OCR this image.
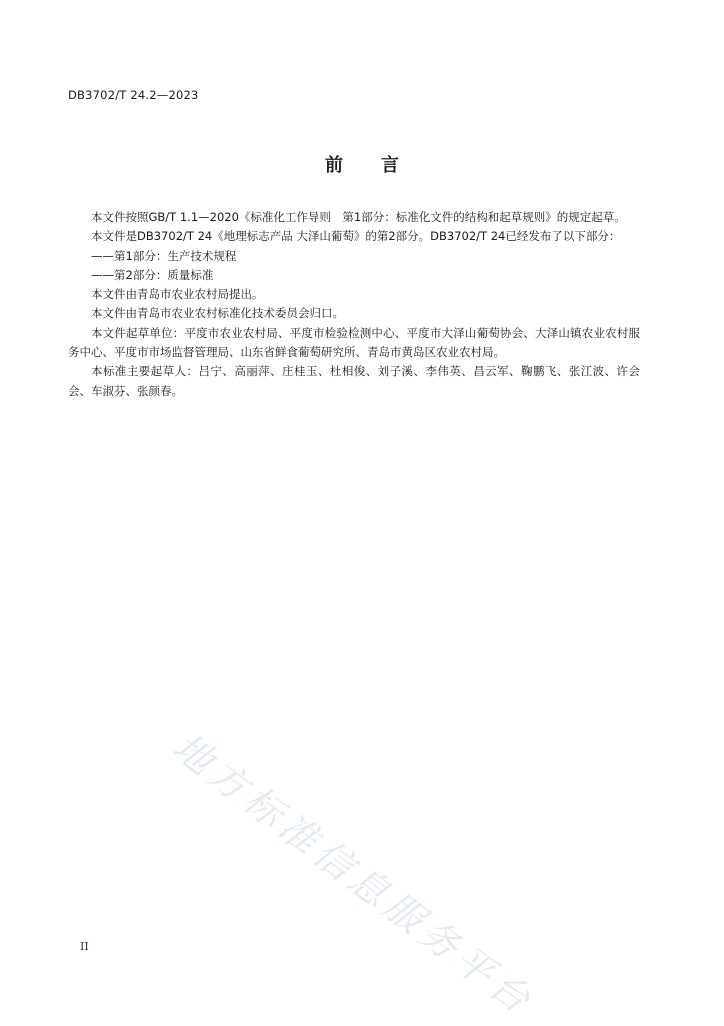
DB3702/T 24.2—2023
前 言

本文件按照GB/T 1.1—2020《标准化工作导则　第1部分：标准化文件的结构和起草规则》的规定起草。

本文件是DB3702/T 24《地理标志产品 大泽山葡萄》的第2部分。DB3702/T 24已经发布了以下部分：

——第1部分：生产技术规程

——第2部分：质量标准

本文件由青岛市农业农村局提出。

本文件由青岛市农业农村标准化技术委员会归口。

本文件起草单位：平度市农业农村局、平度市检验检测中心、平度市大泽山葡萄协会、大泽山镇农业农村服务中心、平度市市场监督管理局、山东省鲜食葡萄研究所、青岛市黄岛区农业农村局。

本标准主要起草人：吕宁、高丽萍、庄桂玉、杜相俊、刘子溪、李伟英、昌云军、鞠鹏飞、张江波、许会会、车淑芬、张颜春。

地方标准信息服务平台
II
